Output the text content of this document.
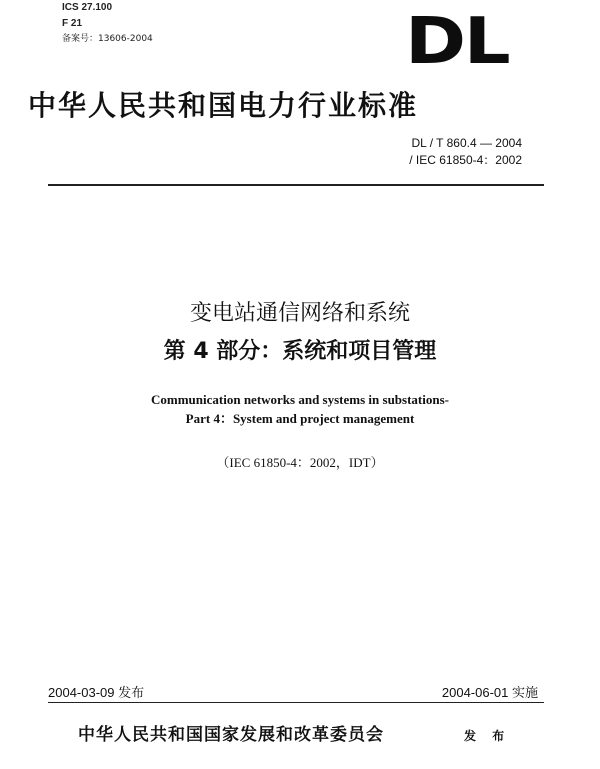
ICS 27.100
F 21
备案号：13606-2004	DL
中华人民共和国电力行业标准
DL / T 860.4 — 2004
/ IEC 61850-4：2002
变电站通信网络和系统
第 4 部分：系统和项目管理
Communication networks and systems in substations-
Part 4：System and project management
（IEC 61850-4：2002，IDT）
2004-03-09 发布	2004-06-01 实施
中华人民共和国国家发展和改革委员会	发 布
